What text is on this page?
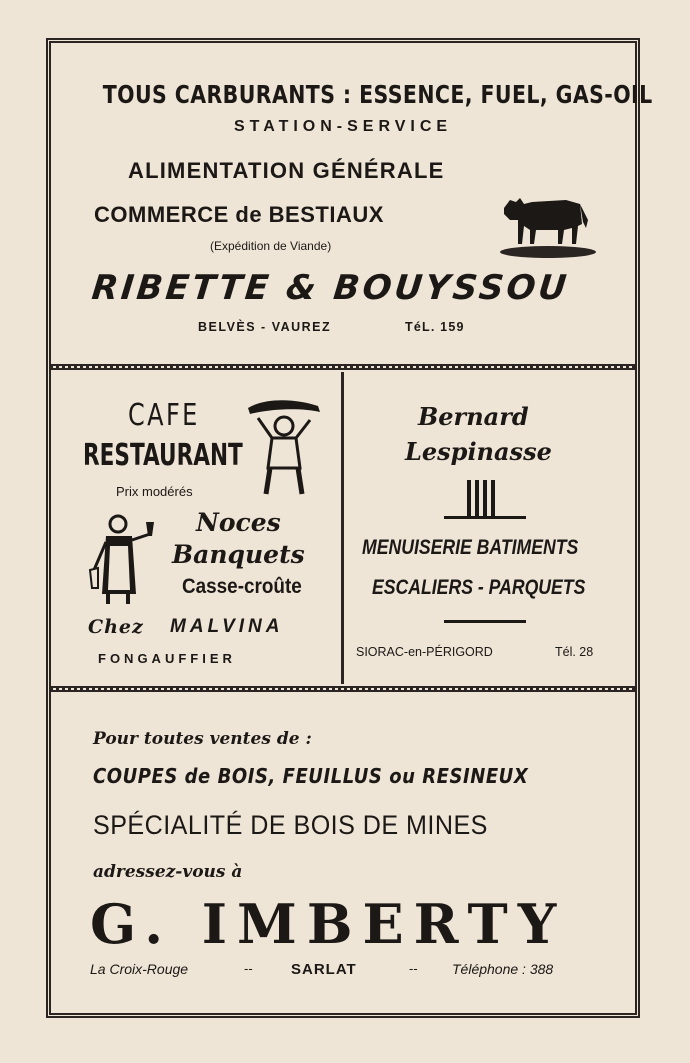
TOUS CARBURANTS : ESSENCE, FUEL, GAS-OIL
STATION-SERVICE
ALIMENTATION GÉNÉRALE
COMMERCE de BESTIAUX
(Expédition de Viande)
RIBETTE & BOUYSSOU
BELVÈS - VAUREZ	TéL. 159
CAFE
RESTAURANT
Prix modérés
Noces
Banquets
Casse-croûte
Chez MALVINA
FONGAUFFIER
Bernard
Lespinasse
MENUISERIE BATIMENTS
ESCALIERS - PARQUETS
SIORAC-en-PÉRIGORD	Tél. 28
Pour toutes ventes de :
COUPES de BOIS, FEUILLUS ou RESINEUX
SPÉCIALITÉ DE BOIS DE MINES
adressez-vous à
G. IMBERTY
La Croix-Rouge	--	SARLAT	-- Téléphone : 388
